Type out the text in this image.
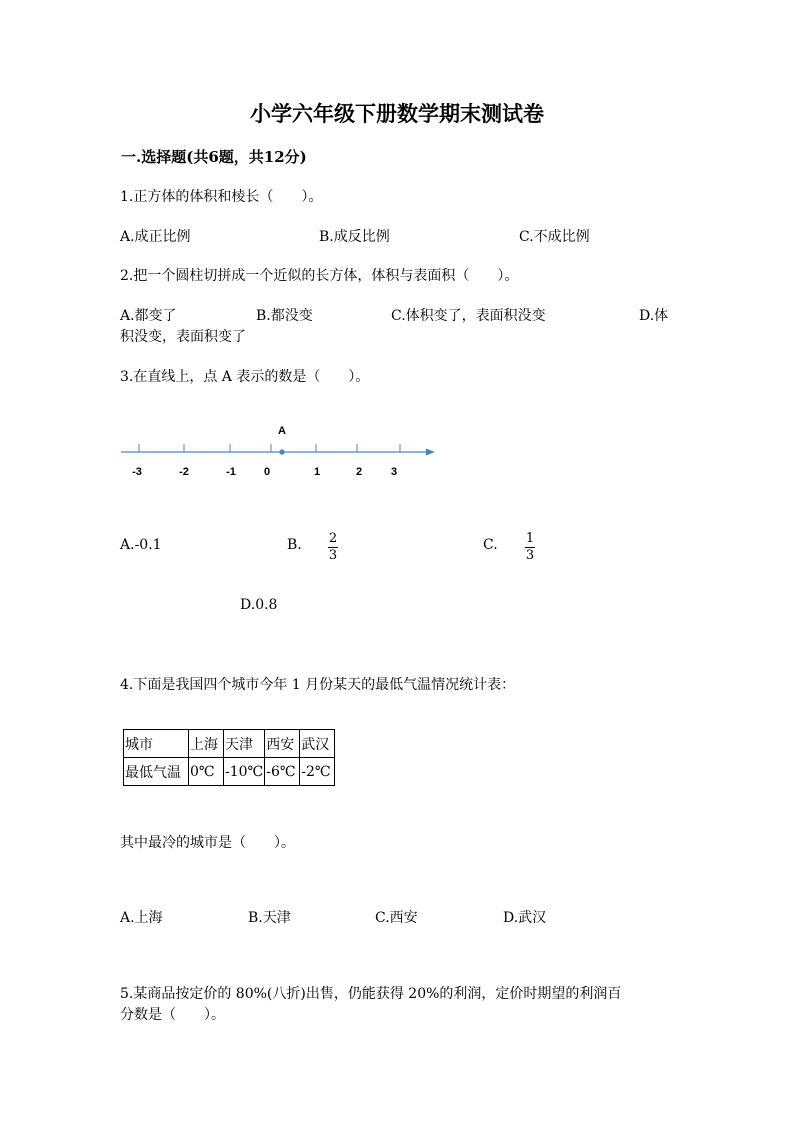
小学六年级下册数学期末测试卷
一.选择题(共6题，共12分)
1.正方体的体积和棱长（　　）。
A.成正比例	B.成反比例	C.不成比例
2.把一个圆柱切拼成一个近似的长方体，体积与表面积（　　）。
A.都变了	B.都没变	C.体积变了，表面积没变	D.体
积没变，表面积变了
3.在直线上，点 A 表示的数是（　　）。
A
-3	-2	-1	0	1	2	3
A.-0.1	B. 2
3
C. 1
3
D.0.8
4.下面是我国四个城市今年 1 月份某天的最低气温情况统计表：
城市	上海	天津	西安	武汉
最低气温	0℃	-10℃	-6℃	-2℃
其中最冷的城市是（　　）。
A.上海	B.天津	C.西安	D.武汉
5.某商品按定价的 80%(八折)出售，仍能获得 20%的利润，定价时期望的利润百
分数是（　　）。
